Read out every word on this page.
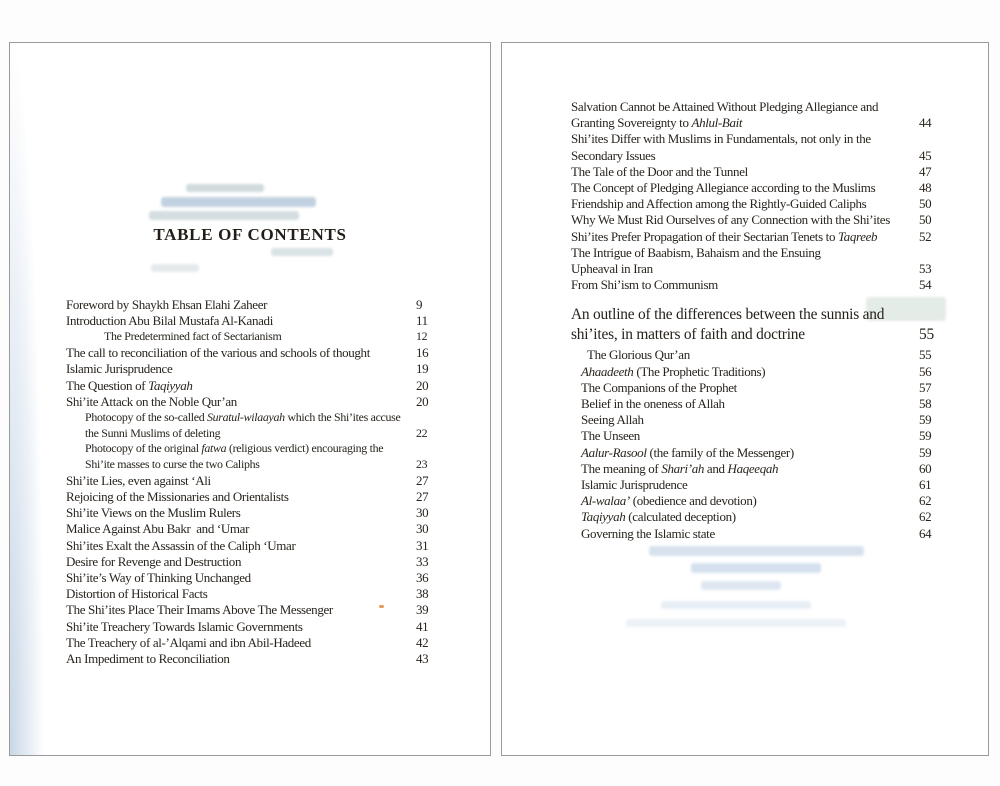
TABLE OF CONTENTS
Foreword by Shaykh Ehsan Elahi Zaheer	9
Introduction Abu Bilal Mustafa Al-Kanadi	11
The Predetermined fact of Sectarianism	12
The call to reconciliation of the various and schools of thought	16
Islamic Jurisprudence	19
The Question of Taqiyyah	20
Shi’ite Attack on the Noble Qur’an	20
Photocopy of the so-called Suratul-wilaayah which the Shi’ites accuse
the Sunni Muslims of deleting	22
Photocopy of the original fatwa (religious verdict) encouraging the
Shi’ite masses to curse the two Caliphs	23
Shi’ite Lies, even against ‘Ali	27
Rejoicing of the Missionaries and Orientalists	27
Shi’ite Views on the Muslim Rulers	30
Malice Against Abu Bakr  and ‘Umar	30
Shi’ites Exalt the Assassin of the Caliph ‘Umar	31
Desire for Revenge and Destruction	33
Shi’ite’s Way of Thinking Unchanged	36
Distortion of Historical Facts	38
The Shi’ites Place Their Imams Above The Messenger	39
Shi’ite Treachery Towards Islamic Governments	41
The Treachery of al-’Alqami and ibn Abil-Hadeed	42
An Impediment to Reconciliation	43
Salvation Cannot be Attained Without Pledging Allegiance and
Granting Sovereignty to Ahlul-Bait	44
Shi’ites Differ with Muslims in Fundamentals, not only in the
Secondary Issues	45
The Tale of the Door and the Tunnel	47
The Concept of Pledging Allegiance according to the Muslims	48
Friendship and Affection among the Rightly-Guided Caliphs	50
Why We Must Rid Ourselves of any Connection with the Shi’ites	50
Shi’ites Prefer Propagation of their Sectarian Tenets to Taqreeb	52
The Intrigue of Baabism, Bahaism and the Ensuing
Upheaval in Iran	53
From Shi’ism to Communism	54
An outline of the differences between the sunnis and
shi’ites, in matters of faith and doctrine	55
The Glorious Qur’an	55
Ahaadeeth (The Prophetic Traditions)	56
The Companions of the Prophet	57
Belief in the oneness of Allah	58
Seeing Allah	59
The Unseen	59
Aalur-Rasool (the family of the Messenger)	59
The meaning of Shari’ah and Haqeeqah	60
Islamic Jurisprudence	61
Al-walaa’ (obedience and devotion)	62
Taqiyyah (calculated deception)	62
Governing the Islamic state	64
